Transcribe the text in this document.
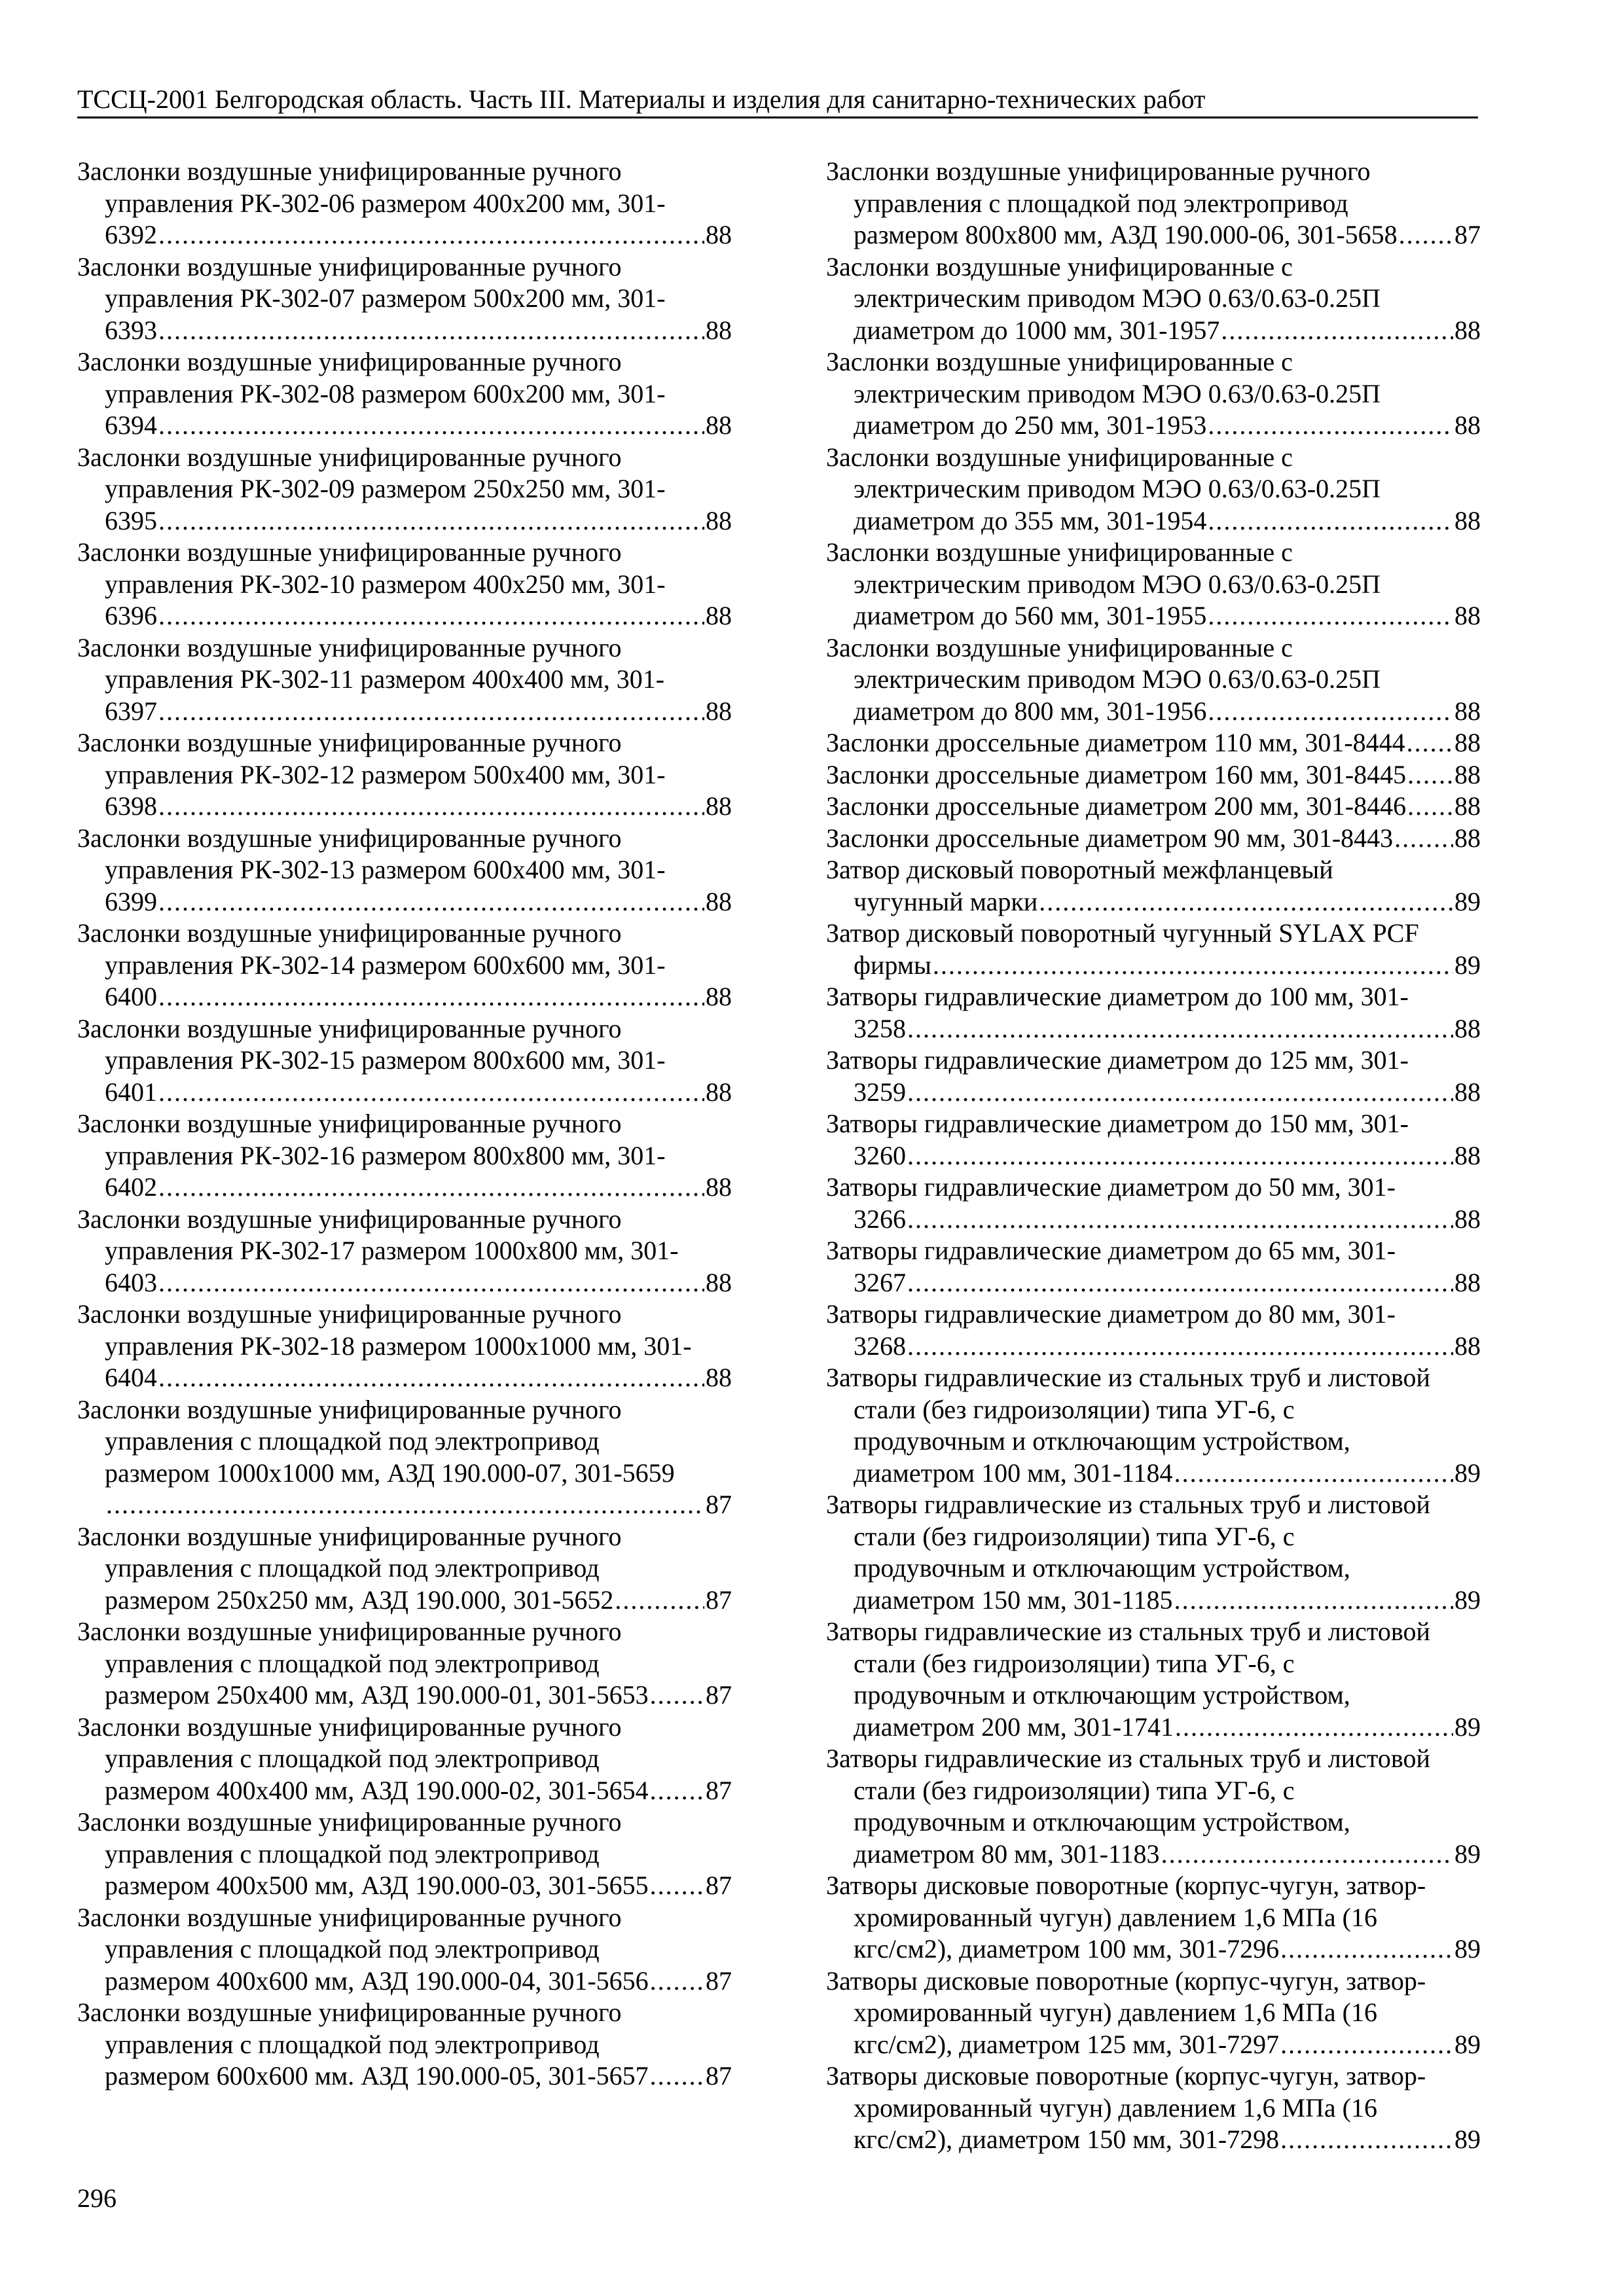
ТССЦ-2001 Белгородская область. Часть III. Материалы и изделия для санитарно-технических работ
Заслонки воздушные унифицированные ручного
управления РК-302-06 размером 400х200 мм, 301-
6392 .....	88
Заслонки воздушные унифицированные ручного
управления РК-302-07 размером 500х200 мм, 301-
6393 .....	88
Заслонки воздушные унифицированные ручного
управления РК-302-08 размером 600х200 мм, 301-
6394 .....	88
Заслонки воздушные унифицированные ручного
управления РК-302-09 размером 250х250 мм, 301-
6395 .....	88
Заслонки воздушные унифицированные ручного
управления РК-302-10 размером 400х250 мм, 301-
6396 .....	88
Заслонки воздушные унифицированные ручного
управления РК-302-11 размером 400х400 мм, 301-
6397 .....	88
Заслонки воздушные унифицированные ручного
управления РК-302-12 размером 500х400 мм, 301-
6398 .....	88
Заслонки воздушные унифицированные ручного
управления РК-302-13 размером 600х400 мм, 301-
6399 .....	88
Заслонки воздушные унифицированные ручного
управления РК-302-14 размером 600х600 мм, 301-
6400 .....	88
Заслонки воздушные унифицированные ручного
управления РК-302-15 размером 800х600 мм, 301-
6401 .....	88
Заслонки воздушные унифицированные ручного
управления РК-302-16 размером 800х800 мм, 301-
6402 .....	88
Заслонки воздушные унифицированные ручного
управления РК-302-17 размером 1000х800 мм, 301-
6403 .....	88
Заслонки воздушные унифицированные ручного
управления РК-302-18 размером 1000х1000 мм, 301-
6404 .....	88
Заслонки воздушные унифицированные ручного
управления с площадкой под электропривод
размером 1000х1000 мм, АЗД 190.000-07, 301-5659
.....
87
Заслонки воздушные унифицированные ручного
управления с площадкой под электропривод
размером 250х250 мм, АЗД 190.000, 301-5652 .....	87
Заслонки воздушные унифицированные ручного
управления с площадкой под электропривод
размером 250х400 мм, АЗД 190.000-01, 301-5653 ..... 87
Заслонки воздушные унифицированные ручного
управления с площадкой под электропривод
размером 400х400 мм, АЗД 190.000-02, 301-5654 ..... 87
Заслонки воздушные унифицированные ручного
управления с площадкой под электропривод
размером 400х500 мм, АЗД 190.000-03, 301-5655 ..... 87
Заслонки воздушные унифицированные ручного
управления с площадкой под электропривод
размером 400х600 мм, АЗД 190.000-04, 301-5656 ..... 87
Заслонки воздушные унифицированные ручного
управления с площадкой под электропривод
размером 600х600 мм. АЗД 190.000-05, 301-5657 ..... 87
Заслонки воздушные унифицированные ручного
управления с площадкой под электропривод
размером 800х800 мм, АЗД 190.000-06, 301-5658 ..... 87
Заслонки воздушные унифицированные с
электрическим приводом МЭО 0.63/0.63-0.25П
диаметром до 1000 мм, 301-1957 .....	88
Заслонки воздушные унифицированные с
электрическим приводом МЭО 0.63/0.63-0.25П
диаметром до 250 мм, 301-1953 .....	88
Заслонки воздушные унифицированные с
электрическим приводом МЭО 0.63/0.63-0.25П
диаметром до 355 мм, 301-1954 .....	88
Заслонки воздушные унифицированные с
электрическим приводом МЭО 0.63/0.63-0.25П
диаметром до 560 мм, 301-1955 .....	88
Заслонки воздушные унифицированные с
электрическим приводом МЭО 0.63/0.63-0.25П
диаметром до 800 мм, 301-1956 .....	88
Заслонки дроссельные диаметром 110 мм, 301-8444 ..... 88
Заслонки дроссельные диаметром 160 мм, 301-8445 ..... 88
Заслонки дроссельные диаметром 200 мм, 301-8446 ..... 88
Заслонки дроссельные диаметром 90 мм, 301-8443 ..... 88
Затвор дисковый поворотный межфланцевый
чугунный марки .....	89
Затвор дисковый поворотный чугунный SYLAX PCF
фирмы .....	89
Затворы гидравлические диаметром до 100 мм, 301-
3258 .....	88
Затворы гидравлические диаметром до 125 мм, 301-
3259 .....	88
Затворы гидравлические диаметром до 150 мм, 301-
3260 .....	88
Затворы гидравлические диаметром до 50 мм, 301-
3266 .....	88
Затворы гидравлические диаметром до 65 мм, 301-
3267 .....	88
Затворы гидравлические диаметром до 80 мм, 301-
3268 .....	88
Затворы гидравлические из стальных труб и листовой
стали (без гидроизоляции) типа УГ-6, с
продувочным и отключающим устройством,
диаметром 100 мм, 301-1184 .....	89
Затворы гидравлические из стальных труб и листовой
стали (без гидроизоляции) типа УГ-6, с
продувочным и отключающим устройством,
диаметром 150 мм, 301-1185 .....	89
Затворы гидравлические из стальных труб и листовой
стали (без гидроизоляции) типа УГ-6, с
продувочным и отключающим устройством,
диаметром 200 мм, 301-1741 .....	89
Затворы гидравлические из стальных труб и листовой
стали (без гидроизоляции) типа УГ-6, с
продувочным и отключающим устройством,
диаметром 80 мм, 301-1183 .....	89
Затворы дисковые поворотные (корпус-чугун, затвор-
хромированный чугун) давлением 1,6 МПа (16
кгс/см2), диаметром 100 мм, 301-7296 .....	89
Затворы дисковые поворотные (корпус-чугун, затвор-
хромированный чугун) давлением 1,6 МПа (16
кгс/см2), диаметром 125 мм, 301-7297 .....	89
Затворы дисковые поворотные (корпус-чугун, затвор-
хромированный чугун) давлением 1,6 МПа (16
кгс/см2), диаметром 150 мм, 301-7298 .....	89
296
